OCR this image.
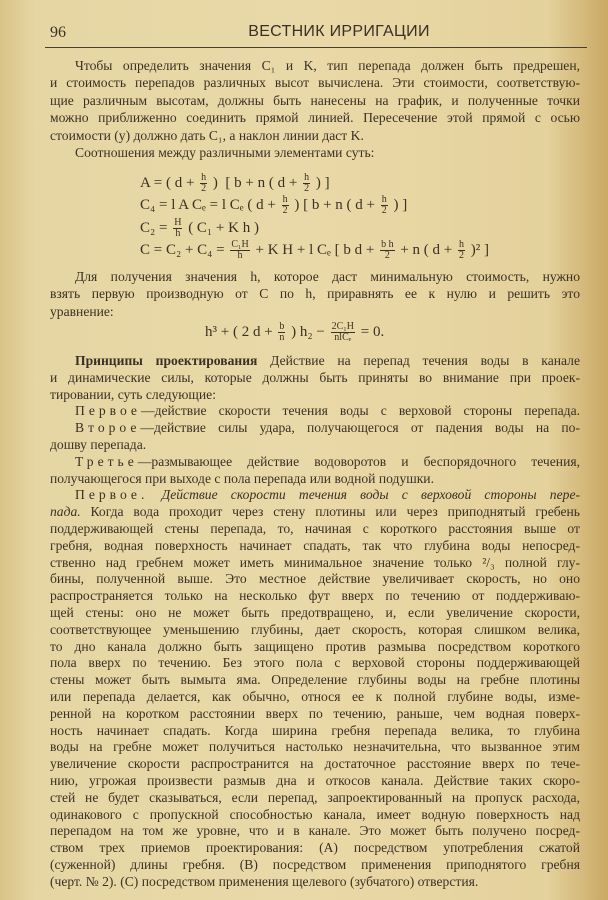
96	ВЕСТНИК ИРРИГАЦИИ
Чтобы определить значения C₁ и K, тип перепада должен быть предрешен,
и стоимость перепадов различных высот вычислена. Эти стоимости, соответствую-
щие различным высотам, должны быть нанесены на график, и полученные точки
можно приближенно соединить прямой линией. Пересечение этой прямой с осью
стоимости (y) должно дать C₁, а наклон линии даст K.
Соотношения между различными элементами суть:
A = ( $d + \frac{h}{2}$ )  [ b + n ( $d + \frac{h}{2}$ ) ]
C₄ = l A Cₑ = l Cₑ ( $d + \frac{h}{2}$ ) [ b + n ( $d + \frac{h}{2}$ ) ]
$C_2 = \frac{H}{h}$ ( C₁ + K h )
$C = C_2 + C_4 = \frac{\text{C₁H}}{h} + K$ H + l Cₑ [ b $d + \frac{\text{b h}}{2} + n$ ( $d + \frac{h}{2} )^2$ ]
Для получения значения h, которое даст минимальную стоимость, нужно
взять первую производную от C по h, приравнять ее к нулю и решить это
уравнение:
h³ + ( 2 $d + \frac{b}{n}$ ) $h_2 - \frac{\text{2C₁H}}{\text{nlCₑ}} = 0$.
Принципы проектирования Действие на перепад течения воды в канале
и динамические силы, которые должны быть приняты во внимание при проек-
тировании, суть следующие:
Первое—действие скорости течения воды с верховой стороны перепада.
Второе—действие силы удара, получающегося от падения воды на по-
дошву перепада.
Третье—размывающее действие водоворотов и беспорядочного течения,
получающегося при выходе с пола перепада или водной подушки.
Первое. Действие скорости течения воды с верховой стороны пере-
пада. Когда вода проходит через стену плотины или через приподнятый гребень
поддерживающей стены перепада, то, начиная с короткого расстояния выше от
гребня, водная поверхность начинает спадать, так что глубина воды непосред-
ственно над гребнем может иметь минимальное значение только ²/₃ полной глу-
бины, полученной выше. Это местное действие увеличивает скорость, но оно
распространяется только на несколько фут вверх по течению от поддерживаю-
щей стены: оно не может быть предотвращено, и, если увеличение скорости,
соответствующее уменьшению глубины, дает скорость, которая слишком велика,
то дно канала должно быть защищено против размыва посредством короткого
пола вверх по течению. Без этого пола с верховой стороны поддерживающей
стены может быть вымыта яма. Определение глубины воды на гребне плотины
или перепада делается, как обычно, относя ее к полной глубине воды, изме-
ренной на коротком расстоянии вверх по течению, раньше, чем водная поверх-
ность начинает спадать. Когда ширина гребня перепада велика, то глубина
воды на гребне может получиться настолько незначительна, что вызванное этим
увеличение скорости распространится на достаточное расстояние вверх по тече-
нию, угрожая произвести размыв дна и откосов канала. Действие таких скоро-
стей не будет сказываться, если перепад, запроектированный на пропуск расхода,
одинакового с пропускной способностью канала, имеет водную поверхность над
перепадом на том же уровне, что и в канале. Это может быть получено посред-
ством трех приемов проектирования: (A) посредством употребления сжатой
(суженной) длины гребня. (B) посредством применения приподнятого гребня
(черт. № 2). (C) посредством применения щелевого (зубчатого) отверстия.
